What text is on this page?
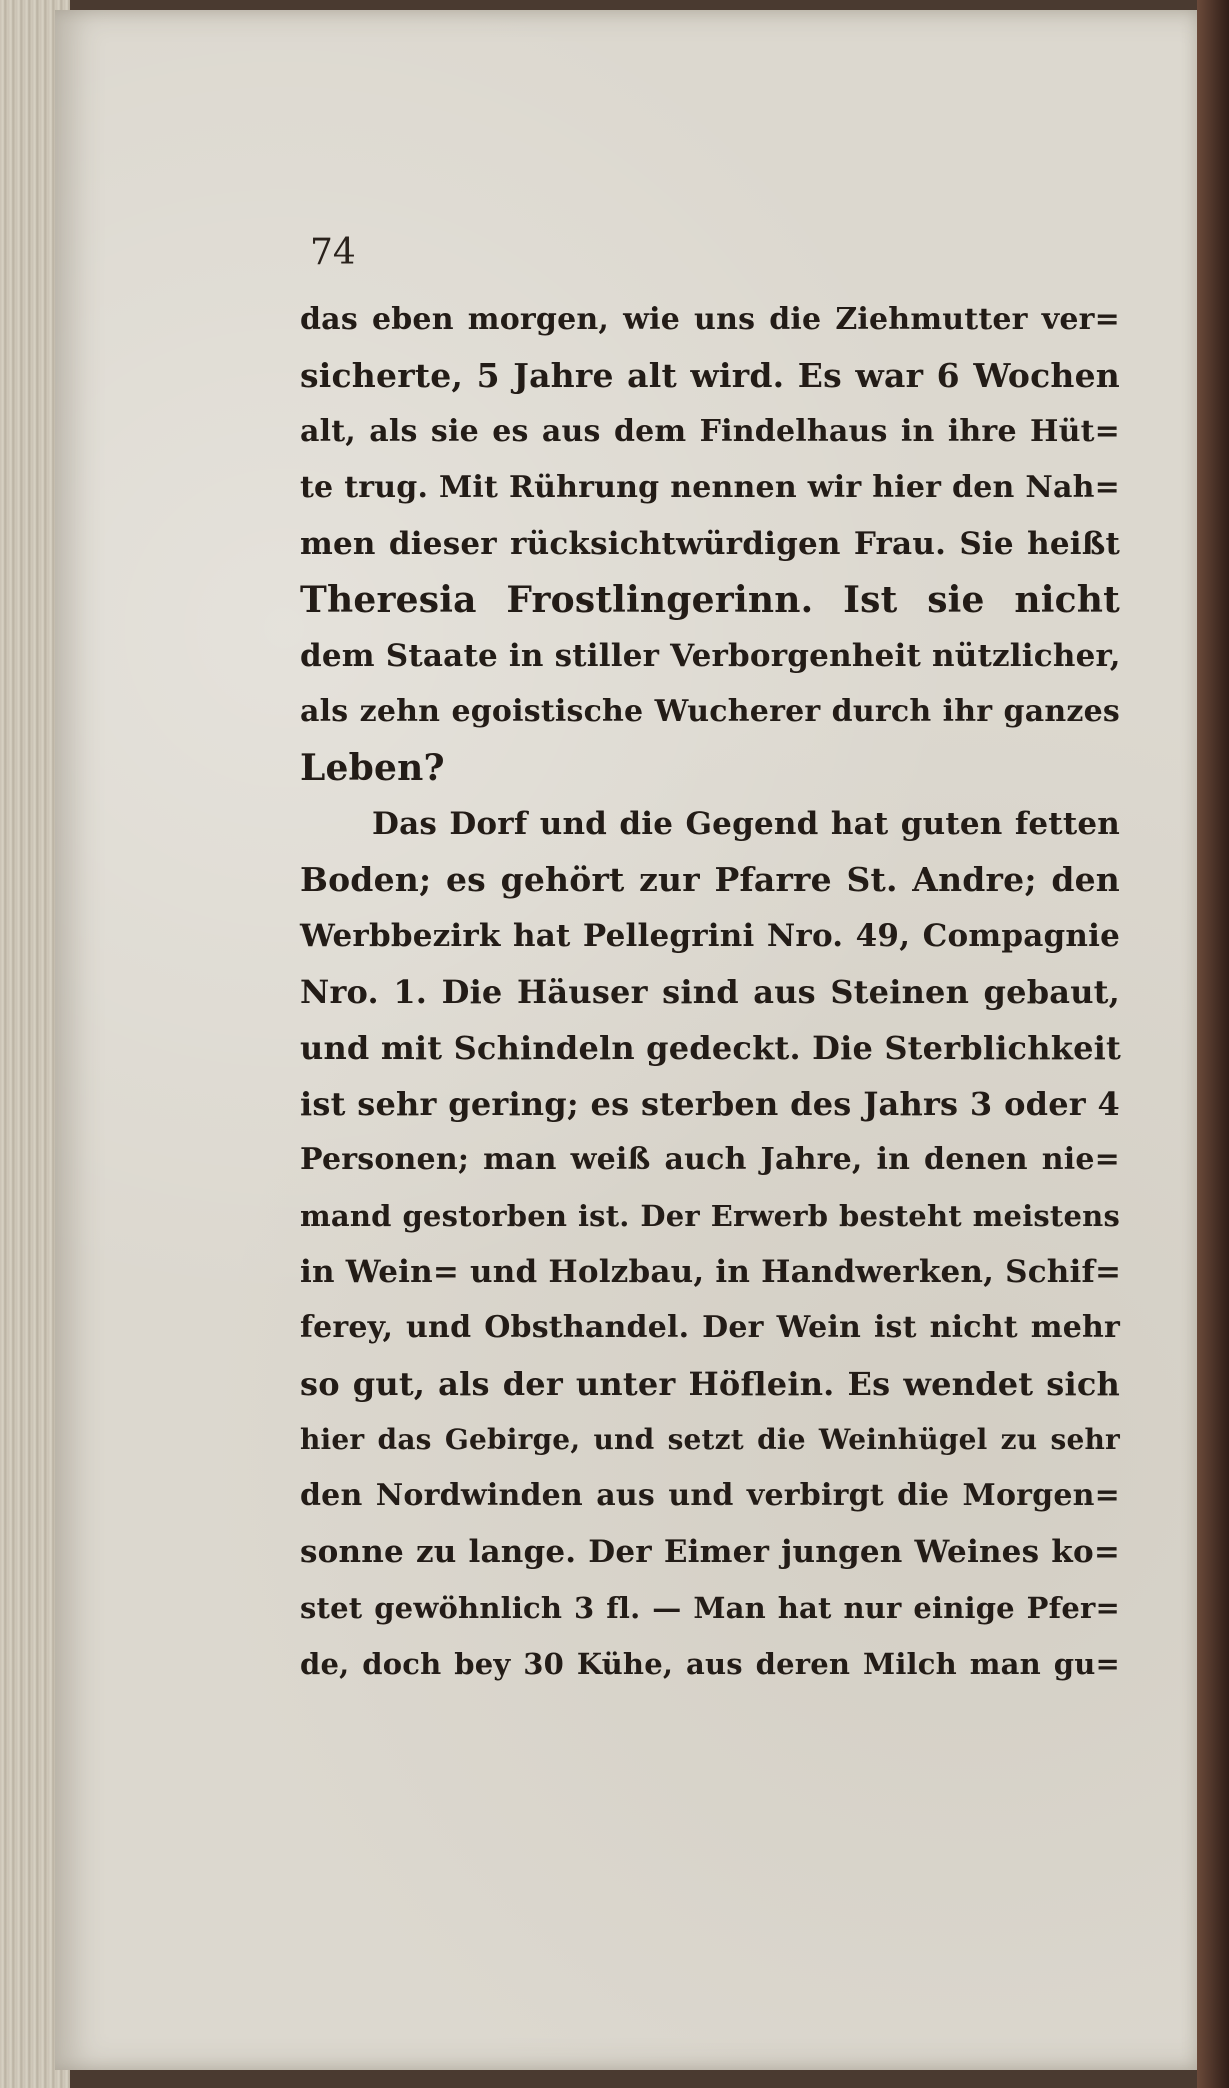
74

das eben morgen, wie uns die Ziehmutter ver=
sicherte, 5 Jahre alt wird. Es war 6 Wochen
alt, als sie es aus dem Findelhaus in ihre Hüt=
te trug. Mit Rührung nennen wir hier den Nah=
men dieser rücksichtwürdigen Frau. Sie heißt
Theresia Frostlingerinn. Ist sie nicht
dem Staate in stiller Verborgenheit nützlicher,
als zehn egoistische Wucherer durch ihr ganzes
Leben?
Das Dorf und die Gegend hat guten fetten
Boden; es gehört zur Pfarre St. Andre; den
Werbbezirk hat Pellegrini Nro. 49, Compagnie
Nro. 1. Die Häuser sind aus Steinen gebaut,
und mit Schindeln gedeckt. Die Sterblichkeit
ist sehr gering; es sterben des Jahrs 3 oder 4
Personen; man weiß auch Jahre, in denen nie=
mand gestorben ist. Der Erwerb besteht meistens
in Wein= und Holzbau, in Handwerken, Schif=
ferey, und Obsthandel. Der Wein ist nicht mehr
so gut, als der unter Höflein. Es wendet sich
hier das Gebirge, und setzt die Weinhügel zu sehr
den Nordwinden aus und verbirgt die Morgen=
sonne zu lange. Der Eimer jungen Weines ko=
stet gewöhnlich 3 fl. — Man hat nur einige Pfer=
de, doch bey 30 Kühe, aus deren Milch man gu=
